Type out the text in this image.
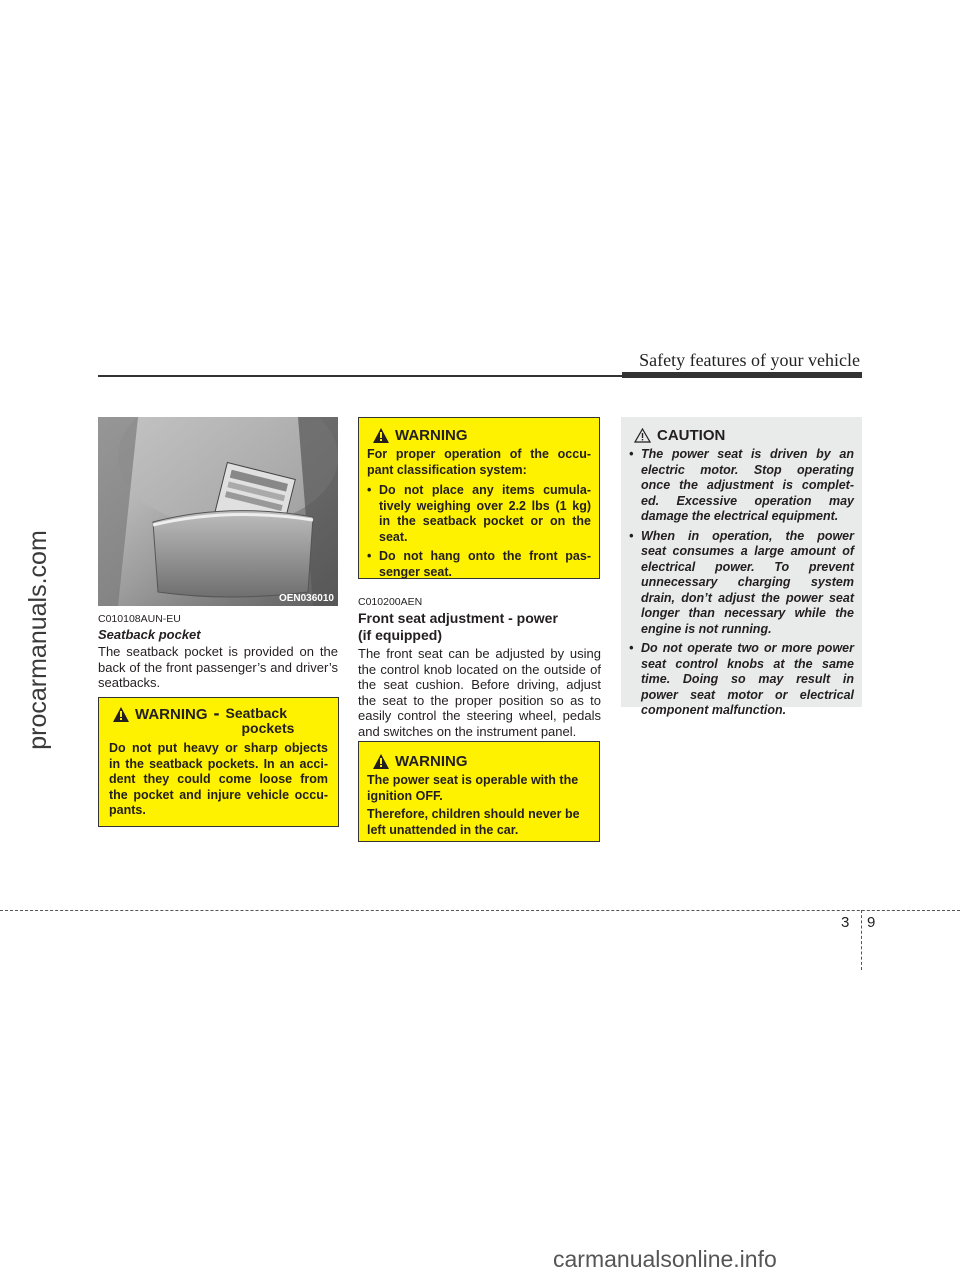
Safety features of your vehicle
procarmanuals.com	OEN036010
C010108AUN-EU
Seatback pocket
The seatback pocket is provided on the
back of the front passenger’s and driver’s
seatbacks.
WARNING - Seatback
pockets
Do not put heavy or sharp objects
in the seatback pockets. In an acci-
dent they could come loose from
the pocket and injure vehicle occu-
pants.
WARNING
For proper operation of the occu-
pant classification system:
• Do not place any items cumula-
tively weighing over 2.2 lbs (1 kg)
in the seatback pocket or on the
seat.
• Do not hang onto the front pas-
senger seat.
C010200AEN
Front seat adjustment - power
(if equipped)
The front seat can be adjusted by using
the control knob located on the outside of
the seat cushion. Before driving, adjust
the seat to the proper position so as to
easily control the steering wheel, pedals
and switches on the instrument panel.
WARNING
The power seat is operable with the
ignition OFF.
Therefore, children should never be
left unattended in the car.
CAUTION
• The power seat is driven by an
electric motor. Stop operating
once the adjustment is complet-
ed. Excessive operation may
damage the electrical equipment.
• When in operation, the power
seat consumes a large amount of
electrical power. To prevent
unnecessary charging system
drain, don’t adjust the power seat
longer than necessary while the
engine is not running.
• Do not operate two or more power
seat control knobs at the same
time. Doing so may result in
power seat motor or electrical
component malfunction.
3 9
carmanualsonline.info
